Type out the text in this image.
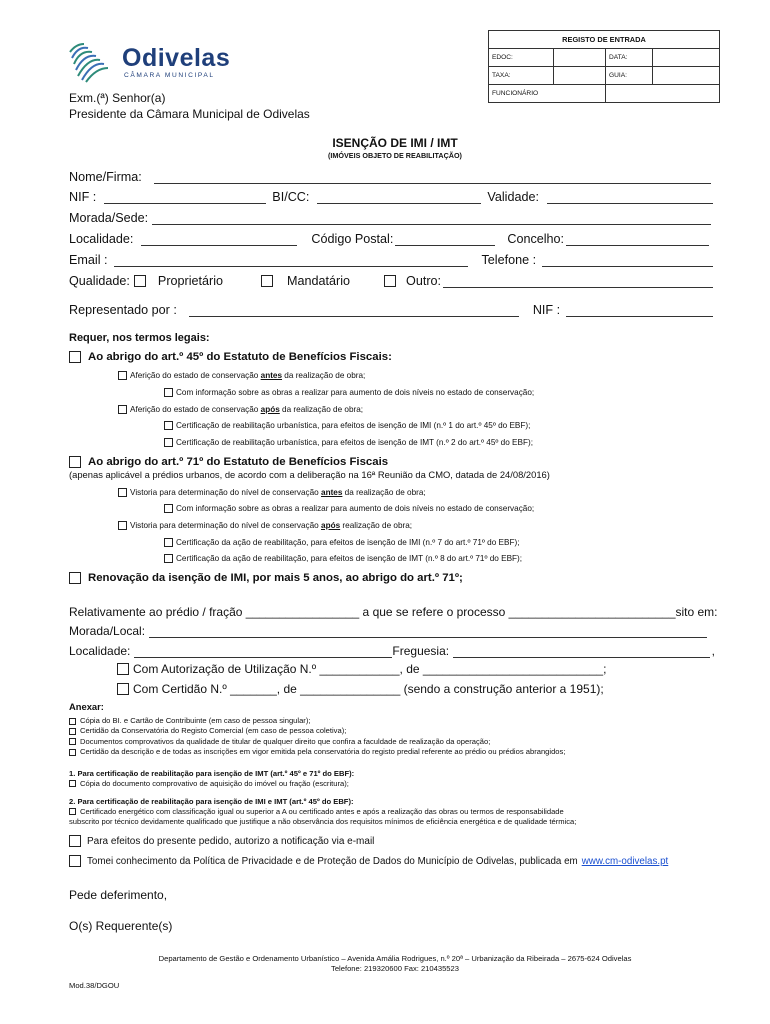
Odivelas
CÂMARA MUNICIPAL
REGISTO DE ENTRADA			
EDOC:		DATA:	
TAXA:		GUIA:	
FUNCIONÁRIO			
Exm.(ª) Senhor(a)
Presidente da Câmara Municipal de Odivelas
ISENÇÃO DE IMI / IMT
(IMÓVEIS OBJETO DE REABILITAÇÃO)
Nome/Firma:
NIF :	BI/CC:	Validade:
Morada/Sede:
Localidade:	Código Postal:	Concelho:
Email :	Telefone :
Qualidade: Proprietário	Mandatário	Outro:
Representado por :	NIF :
Requer, nos termos legais:
Ao abrigo do art.º 45º do Estatuto de Benefícios Fiscais:
Aferição do estado de conservação antes da realização de obra;
Com informação sobre as obras a realizar para aumento de dois níveis no estado de conservação;
Aferição do estado de conservação após da realização de obra;
Certificação de reabilitação urbanística, para efeitos de isenção de IMI (n.º 1 do art.º 45º do EBF);
Certificação de reabilitação urbanística, para efeitos de isenção de IMT (n.º 2 do art.º 45º do EBF);
Ao abrigo do art.º 71º do Estatuto de Benefícios Fiscais
(apenas aplicável a prédios urbanos, de acordo com a deliberação na 16ª Reunião da CMO, datada de 24/08/2016)
Vistoria para determinação do nível de conservação antes da realização de obra;
Com informação sobre as obras a realizar para aumento de dois níveis no estado de conservação;
Vistoria para determinação do nível de conservação após realização de obra;
Certificação da ação de reabilitação, para efeitos de isenção de IMI (n.º 7 do art.º 71º do EBF);
Certificação da ação de reabilitação, para efeitos de isenção de IMT (n.º 8 do art.º 71º do EBF);
Renovação da isenção de IMI, por mais 5 anos, ao abrigo do art.º 71º;
Relativamente ao prédio / fração _________________ a que se refere o processo _________________________sito em:
Morada/Local:
Localidade:	Freguesia:	,
Com Autorização de Utilização N.º ____________, de ___________________________;
Com Certidão N.º _______, de _______________ (sendo a construção anterior a 1951);
Anexar:
Cópia do BI. e Cartão de Contribuinte (em caso de pessoa singular);
Certidão da Conservatória do Registo Comercial (em caso de pessoa coletiva);
Documentos comprovativos da qualidade de titular de qualquer direito que confira a faculdade de realização da operação;
Certidão da descrição e de todas as inscrições em vigor emitida pela conservatória do registo predial referente ao prédio ou prédios abrangidos;
1. Para certificação de reabilitação para isenção de IMT (art.º 45º e 71º do EBF):
Cópia do documento comprovativo de aquisição do imóvel ou fração (escritura);
2. Para certificação de reabilitação para isenção de IMI e IMT (art.º 45º do EBF):
Certificado energético com classificação igual ou superior a A ou certificado antes e após a realização das obras ou termos de responsabilidade
subscrito por técnico devidamente qualificado que justifique a não observância dos requisitos mínimos de eficiência energética e de qualidade térmica;
Para efeitos do presente pedido, autorizo a notificação via e-mail
Tomei conhecimento da Política de Privacidade e de Proteção de Dados do Município de Odivelas, publicada em www.cm-odivelas.pt
Pede deferimento,
O(s) Requerente(s)
Departamento de Gestão e Ordenamento Urbanístico – Avenida Amália Rodrigues, n.º 20ª – Urbanização da Ribeirada – 2675-624 Odivelas
Telefone: 219320600 Fax: 210435523
Mod.38/DGOU
